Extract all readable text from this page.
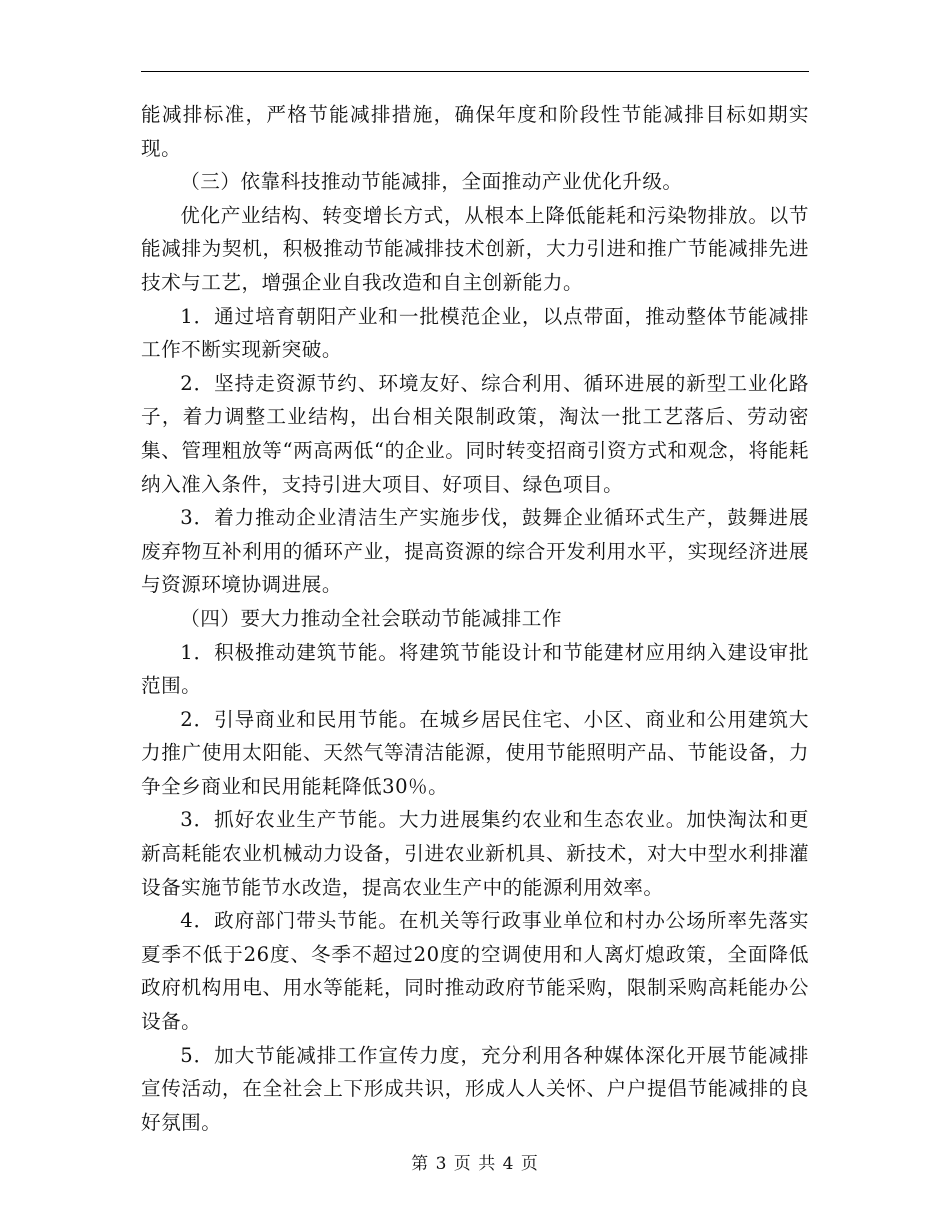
能减排标准，严格节能减排措施，确保年度和阶段性节能减排目标如期实现。

（三）依靠科技推动节能减排，全面推动产业优化升级。

优化产业结构、转变增长方式，从根本上降低能耗和污染物排放。以节能减排为契机，积极推动节能减排技术创新，大力引进和推广节能减排先进技术与工艺，增强企业自我改造和自主创新能力。

1．通过培育朝阳产业和一批模范企业，以点带面，推动整体节能减排工作不断实现新突破。

2．坚持走资源节约、环境友好、综合利用、循环进展的新型工业化路子，着力调整工业结构，出台相关限制政策，淘汰一批工艺落后、劳动密集、管理粗放等“两高两低“的企业。同时转变招商引资方式和观念，将能耗纳入准入条件，支持引进大项目、好项目、绿色项目。

3．着力推动企业清洁生产实施步伐，鼓舞企业循环式生产，鼓舞进展废弃物互补利用的循环产业，提高资源的综合开发利用水平，实现经济进展与资源环境协调进展。

（四）要大力推动全社会联动节能减排工作

1．积极推动建筑节能。将建筑节能设计和节能建材应用纳入建设审批范围。

2．引导商业和民用节能。在城乡居民住宅、小区、商业和公用建筑大力推广使用太阳能、天然气等清洁能源，使用节能照明产品、节能设备，力争全乡商业和民用能耗降低30％。

3．抓好农业生产节能。大力进展集约农业和生态农业。加快淘汰和更新高耗能农业机械动力设备，引进农业新机具、新技术，对大中型水利排灌设备实施节能节水改造，提高农业生产中的能源利用效率。

4．政府部门带头节能。在机关等行政事业单位和村办公场所率先落实夏季不低于26度、冬季不超过20度的空调使用和人离灯熄政策，全面降低政府机构用电、用水等能耗，同时推动政府节能采购，限制采购高耗能办公设备。

5．加大节能减排工作宣传力度，充分利用各种媒体深化开展节能减排宣传活动，在全社会上下形成共识，形成人人关怀、户户提倡节能减排的良好氛围。

第 3 页 共 4 页
